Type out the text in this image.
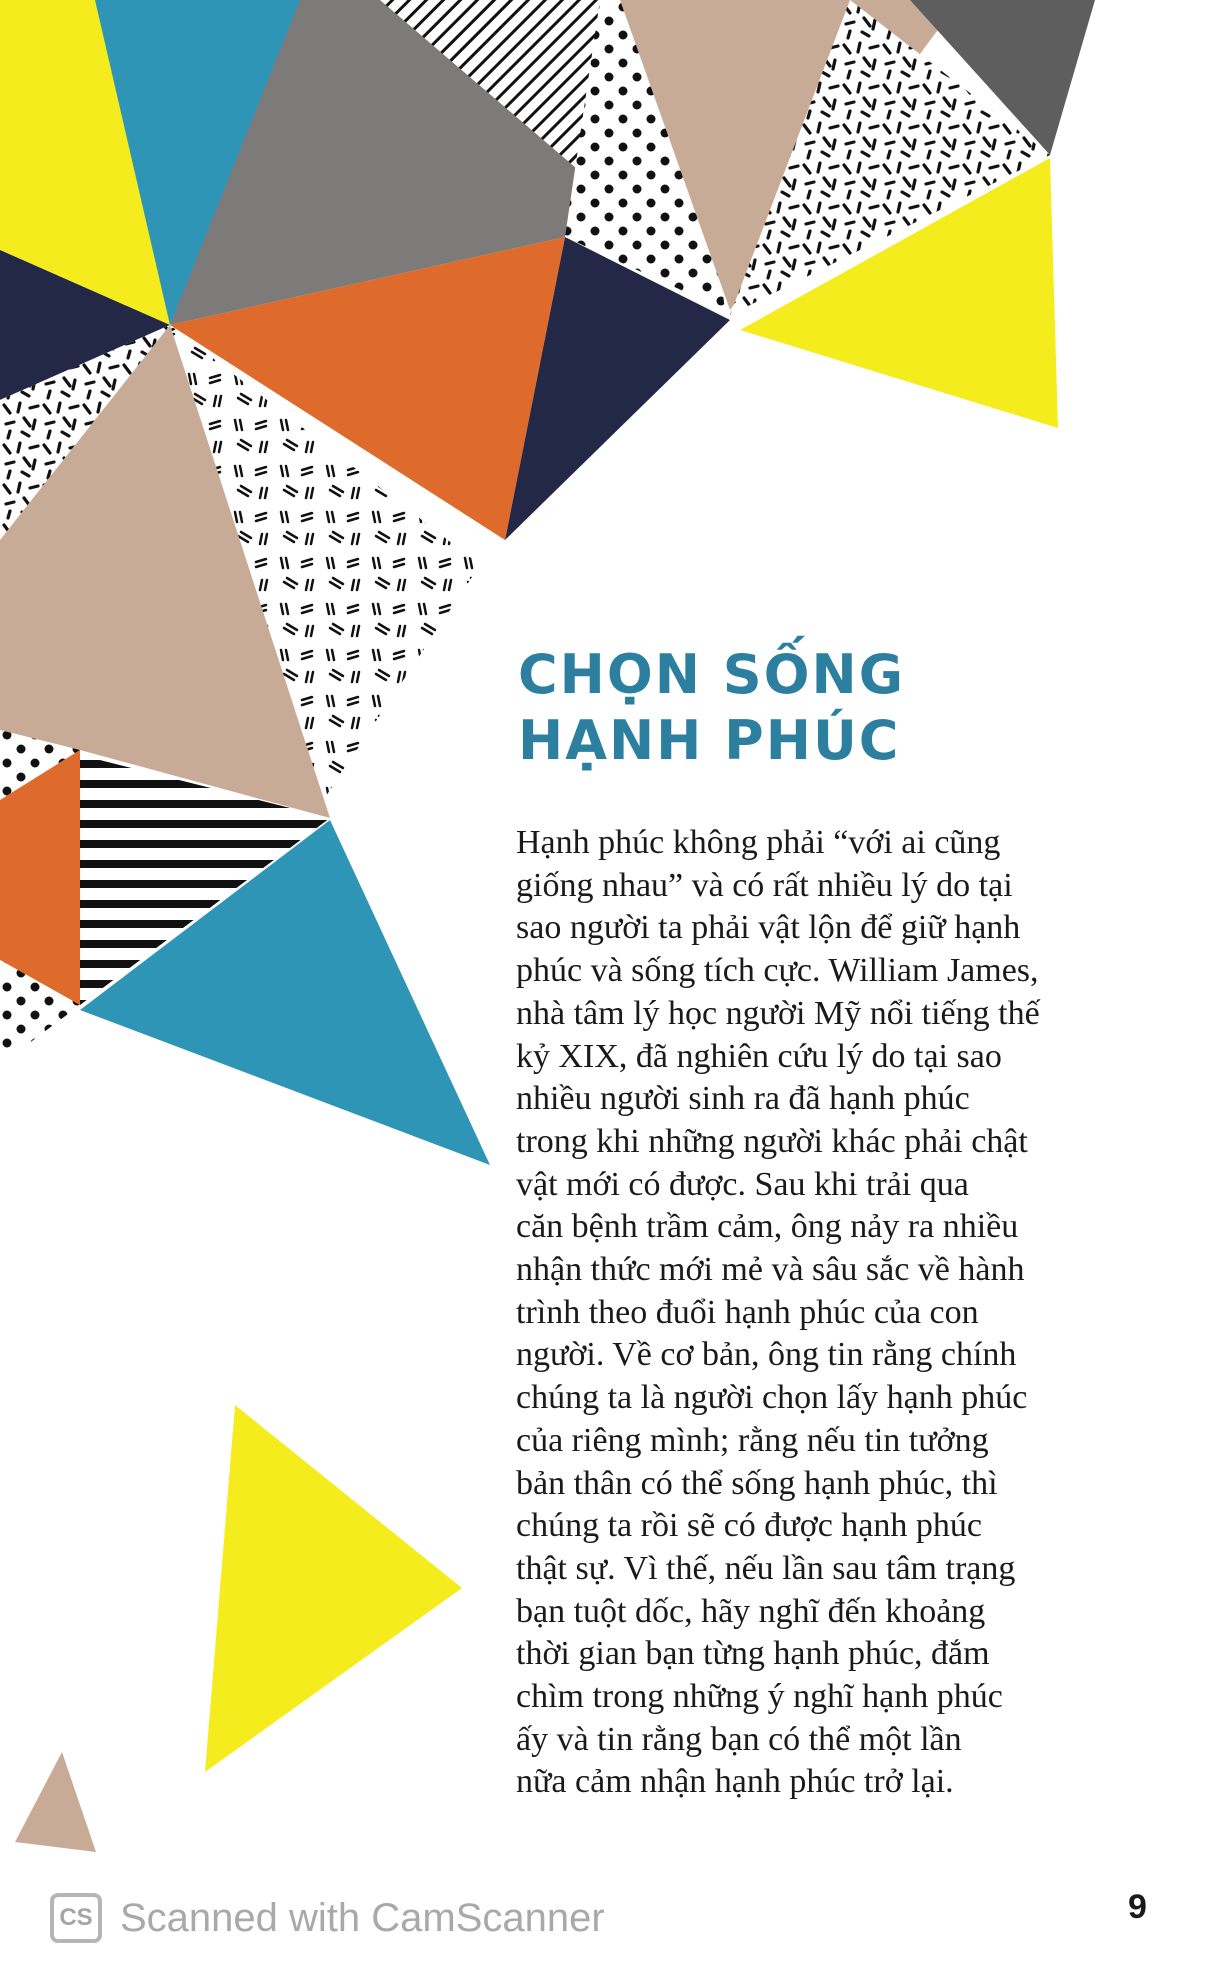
CHỌN SỐNG
HẠNH PHÚC
Hạnh phúc không phải “với ai cũng
giống nhau” và có rất nhiều lý do tại
sao người ta phải vật lộn để giữ hạnh
phúc và sống tích cực. William James,
nhà tâm lý học người Mỹ nổi tiếng thế
kỷ XIX, đã nghiên cứu lý do tại sao
nhiều người sinh ra đã hạnh phúc
trong khi những người khác phải chật
vật mới có được. Sau khi trải qua
căn bệnh trầm cảm, ông nảy ra nhiều
nhận thức mới mẻ và sâu sắc về hành
trình theo đuổi hạnh phúc của con
người. Về cơ bản, ông tin rằng chính
chúng ta là người chọn lấy hạnh phúc
của riêng mình; rằng nếu tin tưởng
bản thân có thể sống hạnh phúc, thì
chúng ta rồi sẽ có được hạnh phúc
thật sự. Vì thế, nếu lần sau tâm trạng
bạn tuột dốc, hãy nghĩ đến khoảng
thời gian bạn từng hạnh phúc, đắm
chìm trong những ý nghĩ hạnh phúc
ấy và tin rằng bạn có thể một lần
nữa cảm nhận hạnh phúc trở lại.
CS Scanned with CamScanner	9
